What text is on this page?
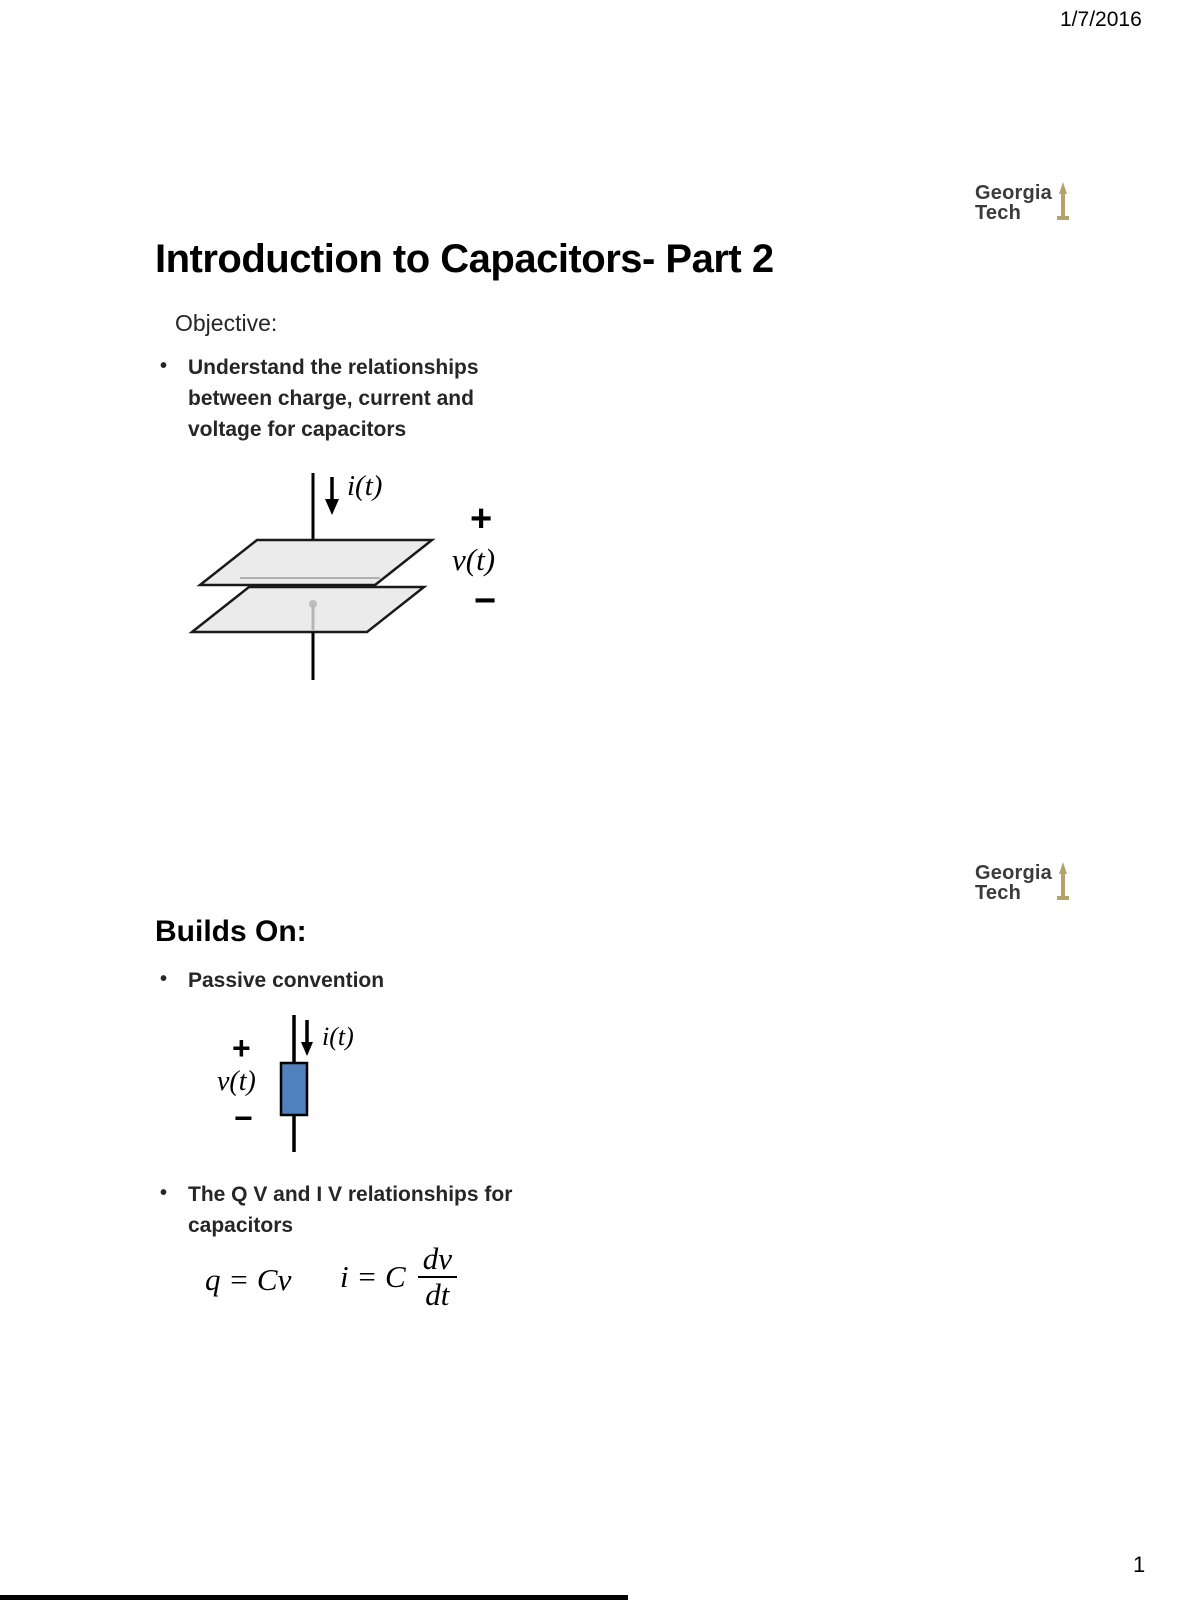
1/7/2016
Georgia
Tech
Introduction to Capacitors- Part 2
Objective:
• Understand the relationships between charge, current and voltage for capacitors
i(t)
+
v(t)
−
Georgia
Tech
Builds On:
• Passive convention
+	i(t)
v(t)
−
• The Q V and I V relationships for capacitors
q = Cv i = C $\frac{dv}{dt}$
1
